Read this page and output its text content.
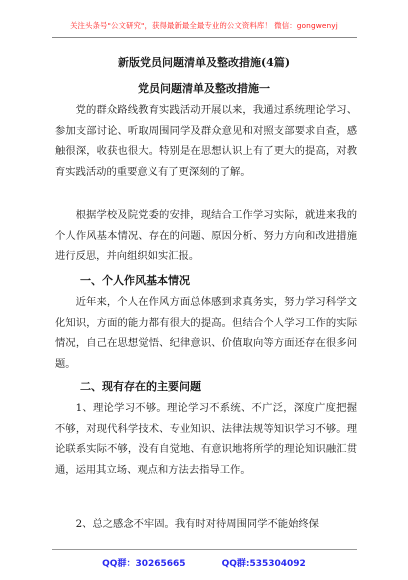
关注头条号"公文研究"，获得最新最全最专业的公文资料库！ 微信：gongwenyj
新版党员问题清单及整改措施(4篇)
党员问题清单及整改措施一

党的群众路线教育实践活动开展以来，我通过系统理论学习、参加支部讨论、听取周围同学及群众意见和对照支部要求自查，感触很深，收获也很大。特别是在思想认识上有了更大的提高，对教育实践活动的重要意义有了更深刻的了解。

根据学校及院党委的安排，现结合工作学习实际，就进来我的个人作风基本情况、存在的问题、原因分析、努力方向和改进措施进行反思，并向组织如实汇报。

一、个人作风基本情况

近年来，个人在作风方面总体感到求真务实，努力学习科学文化知识，方面的能力都有很大的提高。但结合个人学习工作的实际情况，自己在思想觉悟、纪律意识、价值取向等方面还存在很多问题。

二、现有存在的主要问题

1、理论学习不够。理论学习不系统、不广泛，深度广度把握不够，对现代科学技术、专业知识、法律法规等知识学习不够。理论联系实际不够，没有自觉地、有意识地将所学的理论知识融汇贯通，运用其立场、观点和方法去指导工作。

2、总之感念不牢固。我有时对待周围同学不能始终保

QQ群：30265665	QQ群:535304092
